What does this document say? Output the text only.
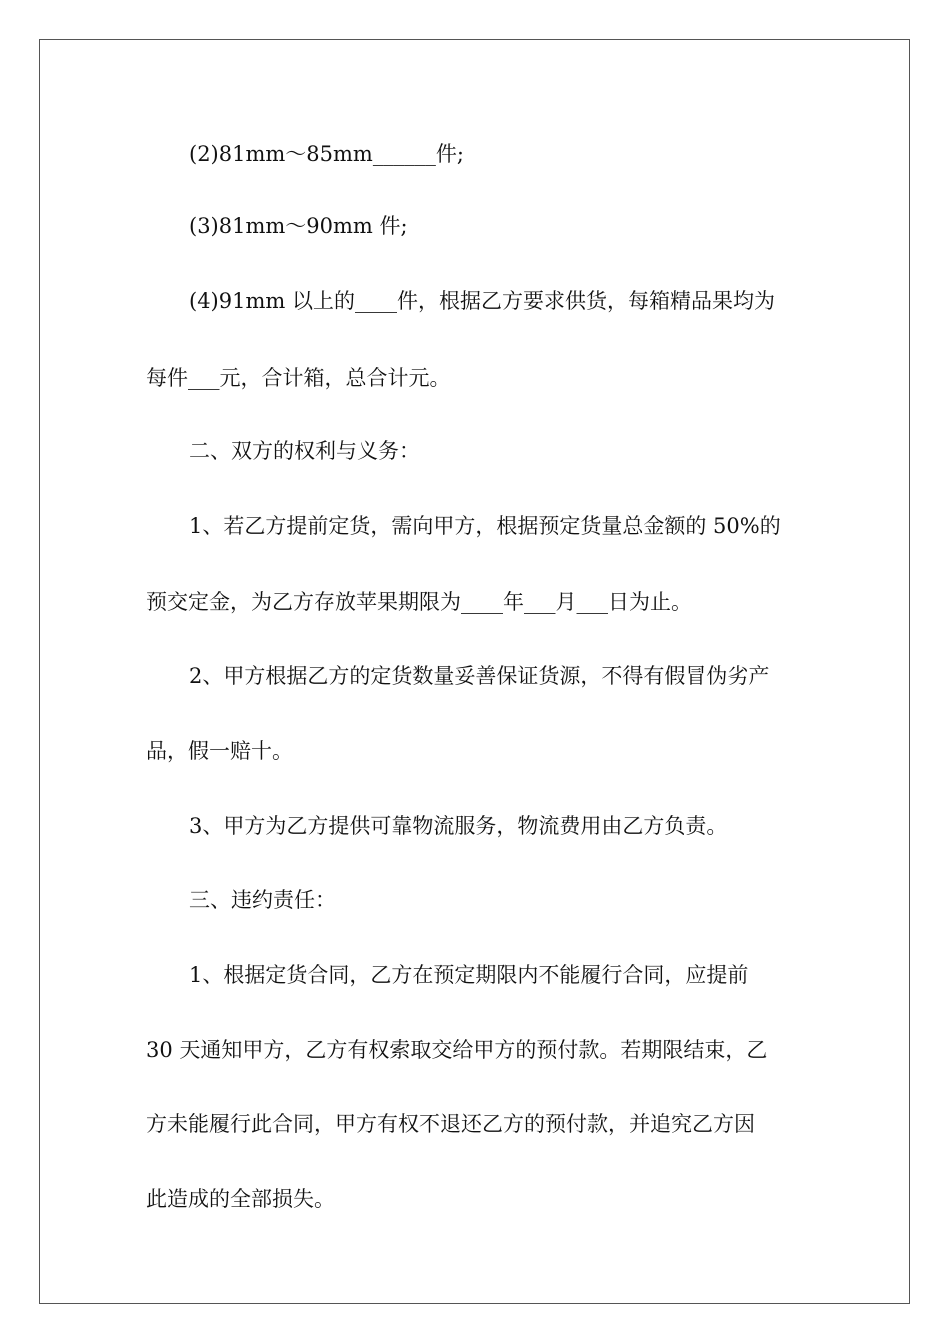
(2)81mm～85mm______件;
(3)81mm～90mm 件;
(4)91mm 以上的____件，根据乙方要求供货，每箱精品果均为
每件___元，合计箱，总合计元。
二、双方的权利与义务：
1、若乙方提前定货，需向甲方，根据预定货量总金额的 50%的
预交定金，为乙方存放苹果期限为____年___月___日为止。
2、甲方根据乙方的定货数量妥善保证货源，不得有假冒伪劣产
品，假一赔十。
3、甲方为乙方提供可靠物流服务，物流费用由乙方负责。
三、违约责任：
1、根据定货合同，乙方在预定期限内不能履行合同，应提前
30 天通知甲方，乙方有权索取交给甲方的预付款。若期限结束，乙
方未能履行此合同，甲方有权不退还乙方的预付款，并追究乙方因
此造成的全部损失。
